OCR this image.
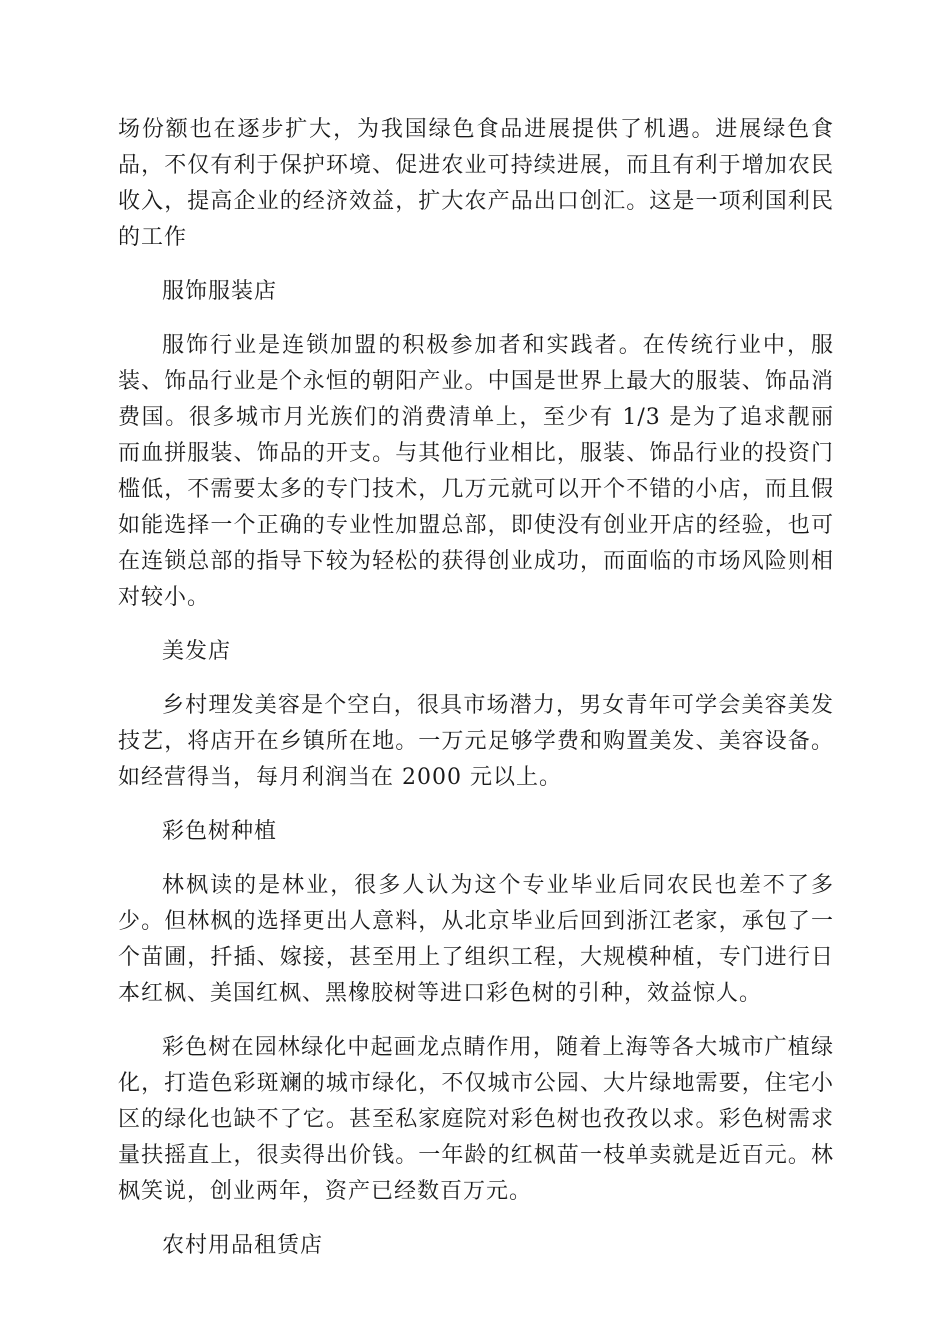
场份额也在逐步扩大，为我国绿色食品进展提供了机遇。进展绿色食品，不仅有利于保护环境、促进农业可持续进展，而且有利于增加农民收入，提高企业的经济效益，扩大农产品出口创汇。这是一项利国利民的工作

服饰服装店

服饰行业是连锁加盟的积极参加者和实践者。在传统行业中，服装、饰品行业是个永恒的朝阳产业。中国是世界上最大的服装、饰品消费国。很多城市月光族们的消费清单上，至少有 1/3 是为了追求靓丽而血拼服装、饰品的开支。与其他行业相比，服装、饰品行业的投资门槛低，不需要太多的专门技术，几万元就可以开个不错的小店，而且假如能选择一个正确的专业性加盟总部，即使没有创业开店的经验，也可在连锁总部的指导下较为轻松的获得创业成功，而面临的市场风险则相对较小。

美发店

乡村理发美容是个空白，很具市场潜力，男女青年可学会美容美发技艺，将店开在乡镇所在地。一万元足够学费和购置美发、美容设备。如经营得当，每月利润当在 2000 元以上。

彩色树种植

林枫读的是林业，很多人认为这个专业毕业后同农民也差不了多少。但林枫的选择更出人意料，从北京毕业后回到浙江老家，承包了一个苗圃，扦插、嫁接，甚至用上了组织工程，大规模种植，专门进行日本红枫、美国红枫、黑橡胶树等进口彩色树的引种，效益惊人。

彩色树在园林绿化中起画龙点睛作用，随着上海等各大城市广植绿化，打造色彩斑斓的城市绿化，不仅城市公园、大片绿地需要，住宅小区的绿化也缺不了它。甚至私家庭院对彩色树也孜孜以求。彩色树需求量扶摇直上，很卖得出价钱。一年龄的红枫苗一枝单卖就是近百元。林枫笑说，创业两年，资产已经数百万元。

农村用品租赁店
